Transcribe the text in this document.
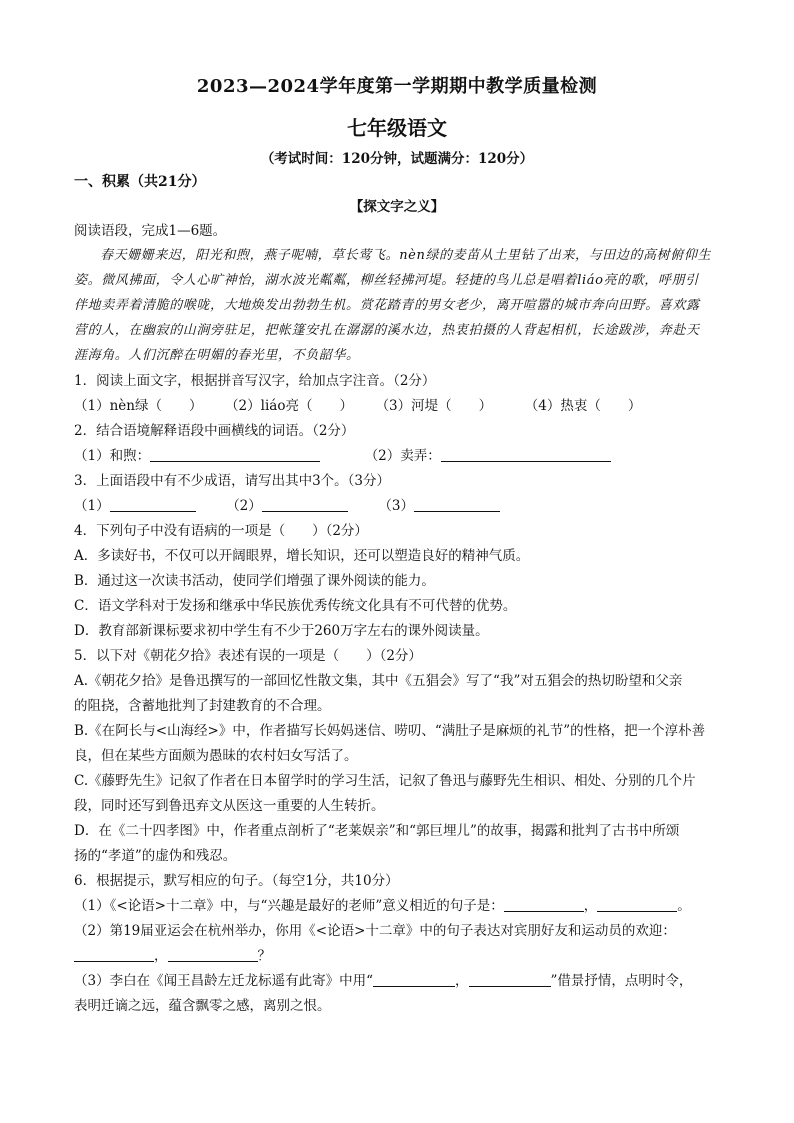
2023—2024学年度第一学期期中教学质量检测
七年级语文
（考试时间：120分钟，试题满分：120分）
一、积累（共21分）
【探文字之义】
阅读语段，完成1—6题。
春天姗姗来迟，阳光和煦，燕子呢喃，草长莺飞。nèn绿的麦苗从土里钻了出来，与田边的高树俯仰生
姿。微风拂面，令人心旷神怡，湖水波光粼粼，柳丝轻拂河堤。轻捷的鸟儿总是唱着liáo亮的歌，呼朋引
伴地卖弄着清脆的喉咙，大地焕发出勃勃生机。赏花踏青的男女老少，离开喧嚣的城市奔向田野。喜欢露
营的人，在幽寂的山涧旁驻足，把帐篷安扎在潺潺的溪水边，热衷拍摄的人背起相机，长途跋涉，奔赴天
涯海角。人们沉醉在明媚的春光里，不负韶华。
1．阅读上面文字，根据拼音写汉字，给加点字注音。（2分）
（1）nèn绿（　　） （2）liáo亮（　　） （3）河堤（　　） （4）热衷（　　）
2．结合语境解释语段中画横线的词语。（2分）
（1）和煦：	（2）卖弄：
3．上面语段中有不少成语，请写出其中3个。（3分）
（1）	（2）	（3）
4．下列句子中没有语病的一项是（　　）（2分）
A．多读好书，不仅可以开阔眼界，增长知识，还可以塑造良好的精神气质。
B．通过这一次读书活动，使同学们增强了课外阅读的能力。
C．语文学科对于发扬和继承中华民族优秀传统文化具有不可代替的优势。
D．教育部新课标要求初中学生有不少于260万字左右的课外阅读量。
5．以下对《朝花夕拾》表述有误的一项是（　　）（2分）
A.《朝花夕拾》是鲁迅撰写的一部回忆性散文集，其中《五猖会》写了“我”对五猖会的热切盼望和父亲
的阻挠，含蓄地批判了封建教育的不合理。
B.《在阿长与<山海经>》中，作者描写长妈妈迷信、唠叨、“满肚子是麻烦的礼节”的性格，把一个淳朴善
良，但在某些方面颇为愚昧的农村妇女写活了。
C.《藤野先生》记叙了作者在日本留学时的学习生活，记叙了鲁迅与藤野先生相识、相处、分别的几个片
段，同时还写到鲁迅弃文从医这一重要的人生转折。
D．在《二十四孝图》中，作者重点剖析了“老莱娱亲”和“郭巨埋儿”的故事，揭露和批判了古书中所颂
扬的“孝道”的虚伪和残忍。
6．根据提示，默写相应的句子。（每空1分，共10分）
（1）《<论语>十二章》中，与“兴趣是最好的老师”意义相近的句子是：	，	。
（2）第19届亚运会在杭州举办，你用《<论语>十二章》中的句子表达对宾朋好友和运动员的欢迎：
，	？
（3）李白在《闻王昌龄左迁龙标遥有此寄》中用“	，	”借景抒情，点明时令，
表明迁谪之远，蕴含飘零之感，离别之恨。
